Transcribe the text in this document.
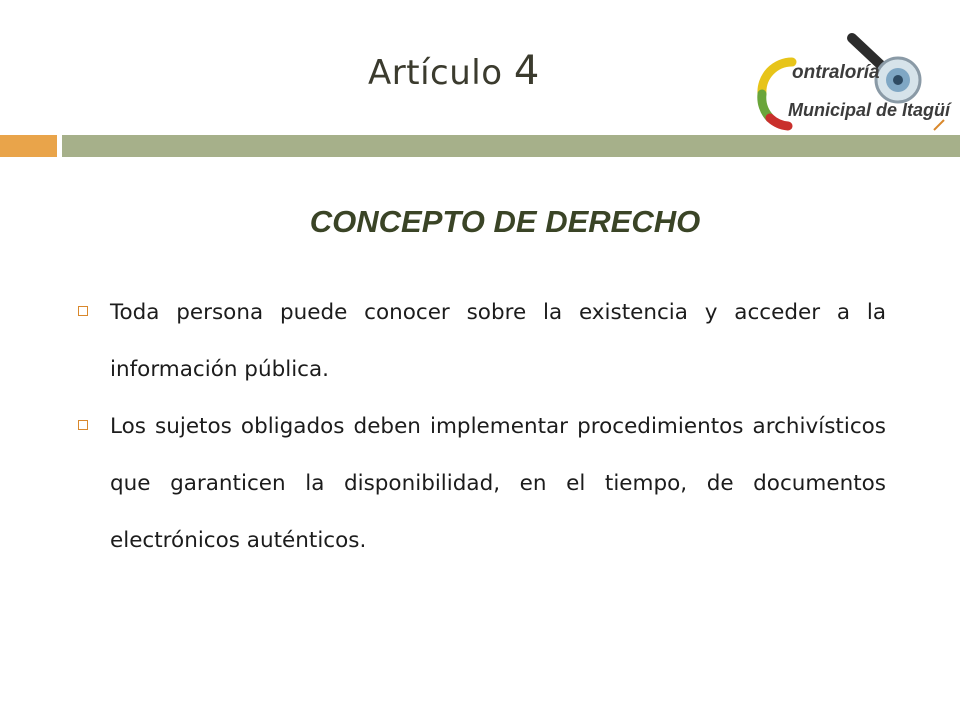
Artículo 4	ontraloría
Municipal de Itagüí
CONCEPTO DE DERECHO
Toda persona puede conocer sobre la existencia y acceder a la información pública.
Los sujetos obligados deben implementar procedimientos archivísticos que garanticen la disponibilidad, en el tiempo, de documentos electrónicos auténticos.
